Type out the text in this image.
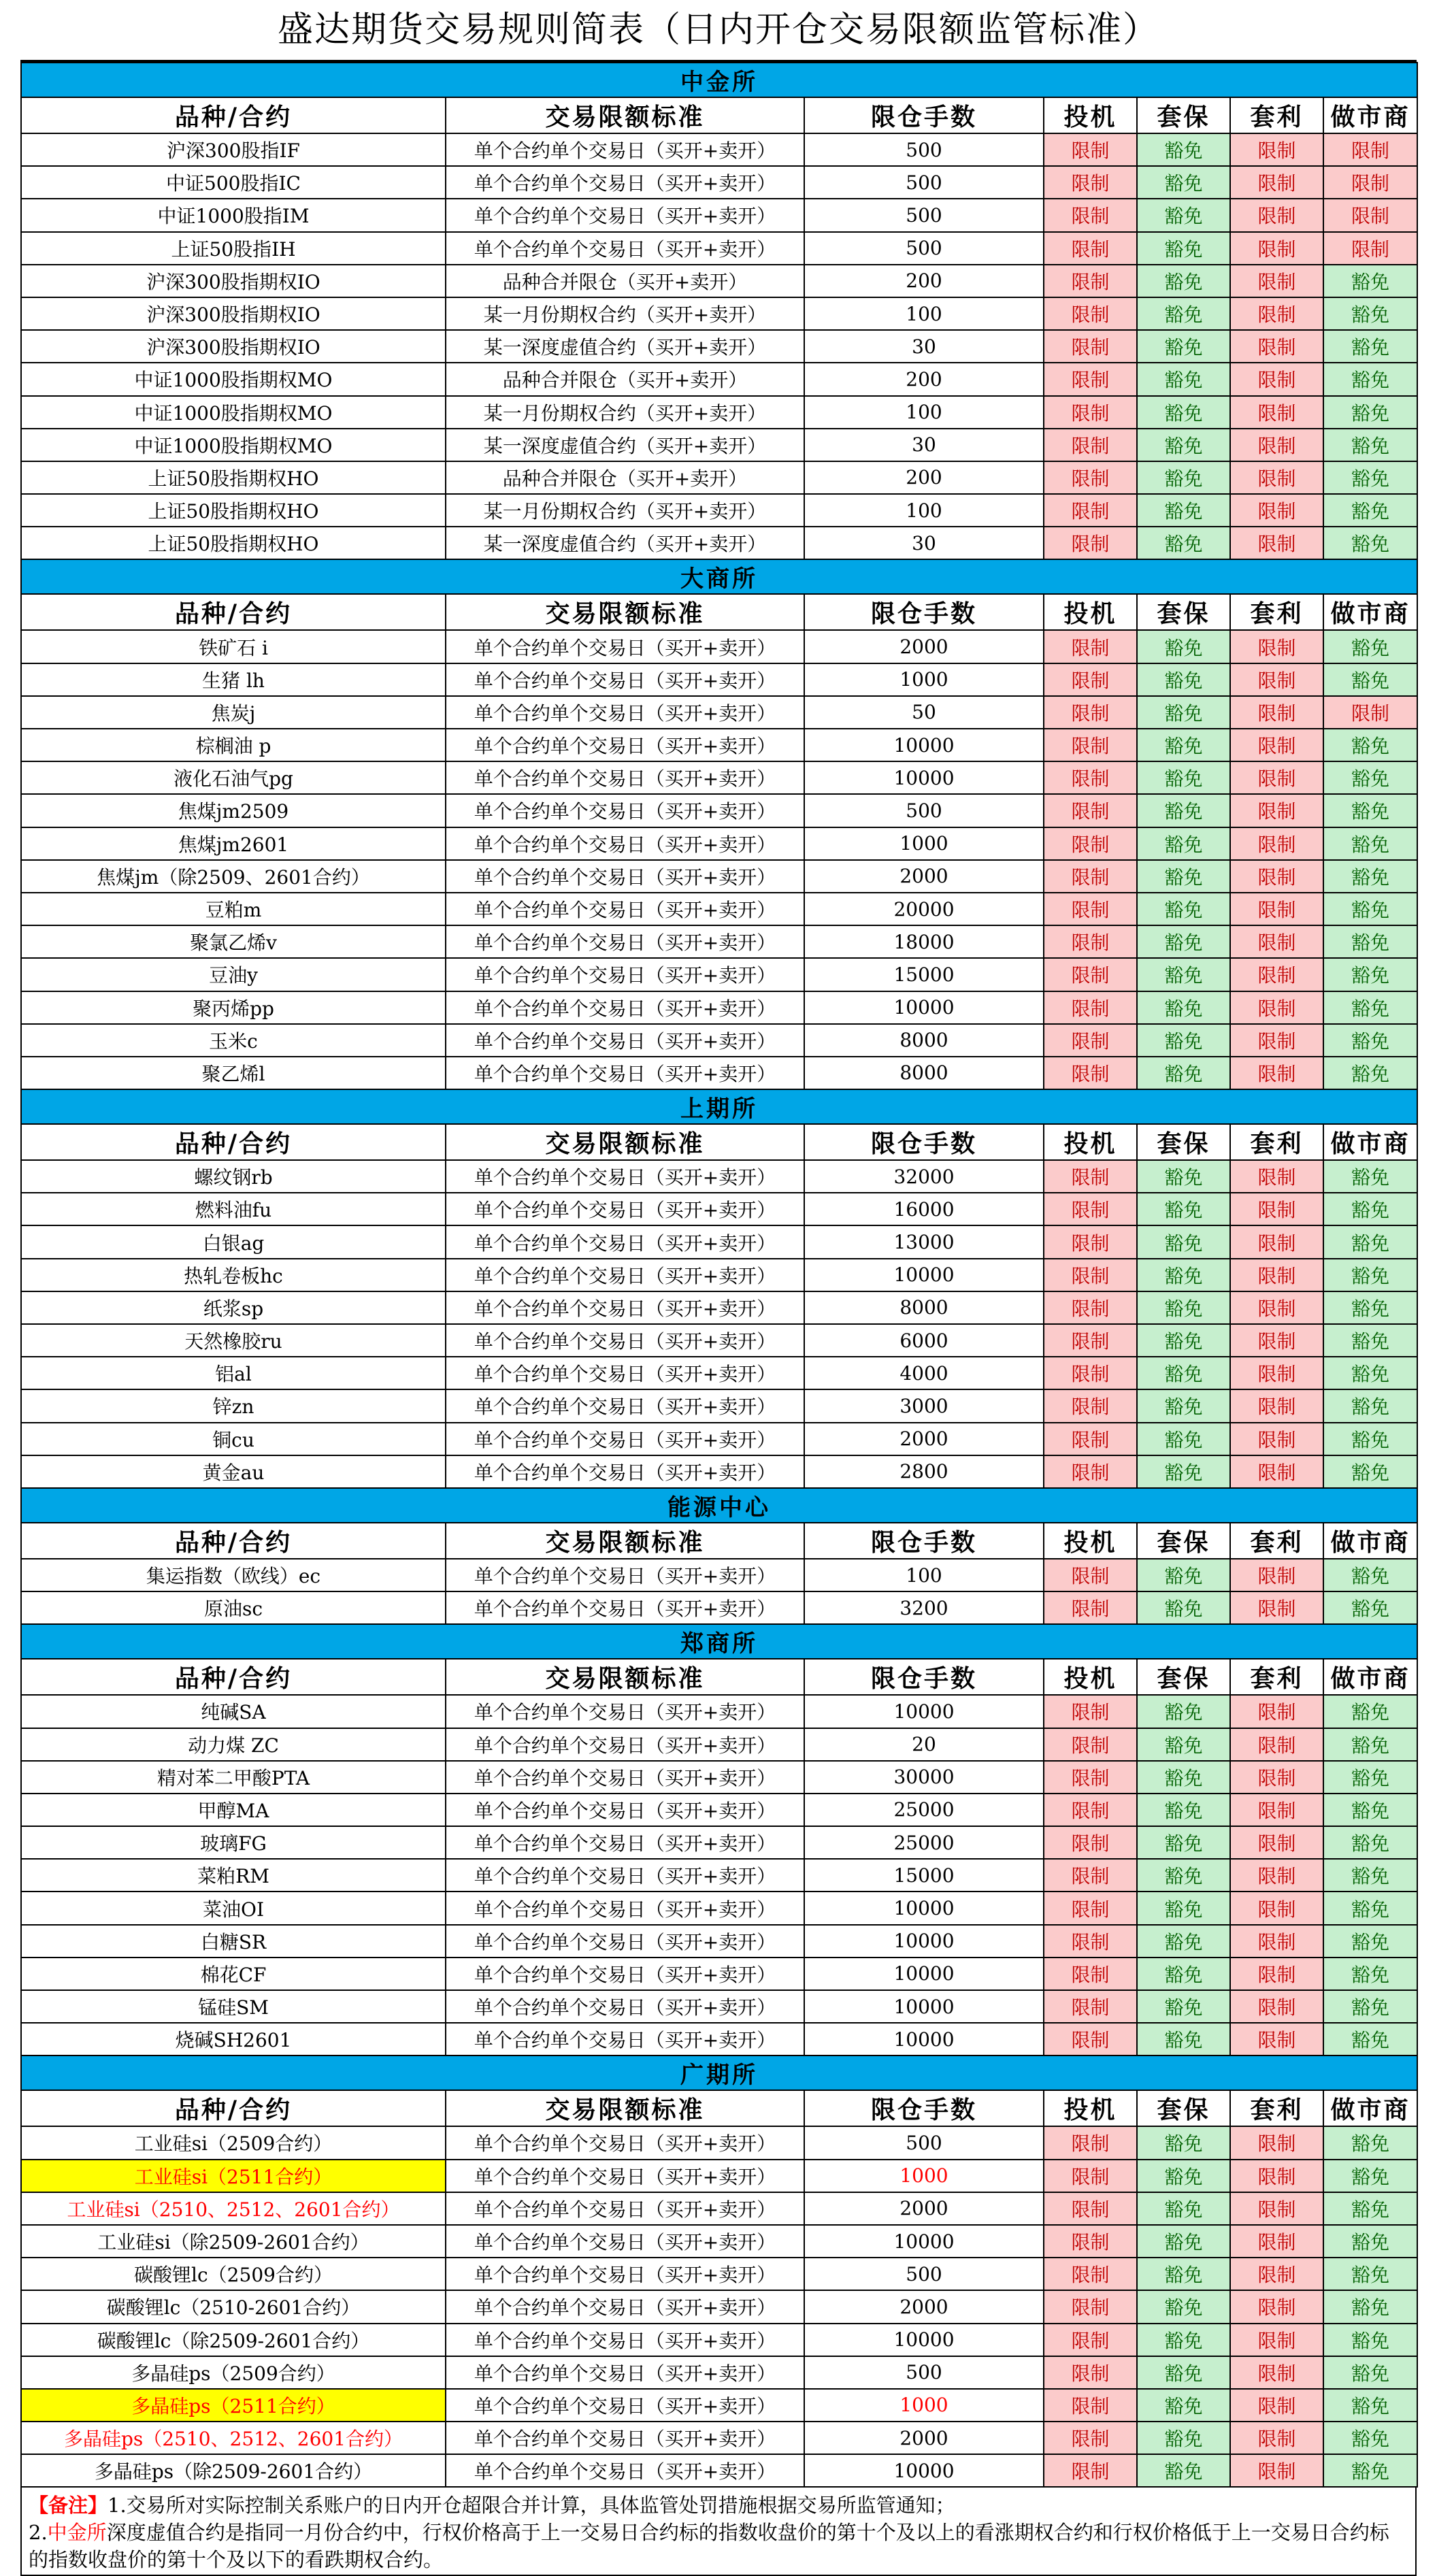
盛达期货交易规则简表（日内开仓交易限额监管标准）
中金所						
品种/合约	交易限额标准	限仓手数	投机	套保	套利	做市商
沪深300股指IF	单个合约单个交易日（买开+卖开）	500	限制	豁免	限制	限制
中证500股指IC	单个合约单个交易日（买开+卖开）	500	限制	豁免	限制	限制
中证1000股指IM	单个合约单个交易日（买开+卖开）	500	限制	豁免	限制	限制
上证50股指IH	单个合约单个交易日（买开+卖开）	500	限制	豁免	限制	限制
沪深300股指期权IO	品种合并限仓（买开+卖开）	200	限制	豁免	限制	豁免
沪深300股指期权IO	某一月份期权合约（买开+卖开）	100	限制	豁免	限制	豁免
沪深300股指期权IO	某一深度虚值合约（买开+卖开）	30	限制	豁免	限制	豁免
中证1000股指期权MO	品种合并限仓（买开+卖开）	200	限制	豁免	限制	豁免
中证1000股指期权MO	某一月份期权合约（买开+卖开）	100	限制	豁免	限制	豁免
中证1000股指期权MO	某一深度虚值合约（买开+卖开）	30	限制	豁免	限制	豁免
上证50股指期权HO	品种合并限仓（买开+卖开）	200	限制	豁免	限制	豁免
上证50股指期权HO	某一月份期权合约（买开+卖开）	100	限制	豁免	限制	豁免
上证50股指期权HO	某一深度虚值合约（买开+卖开）	30	限制	豁免	限制	豁免
大商所						
品种/合约	交易限额标准	限仓手数	投机	套保	套利	做市商
铁矿石 i	单个合约单个交易日（买开+卖开）	2000	限制	豁免	限制	豁免
生猪 lh	单个合约单个交易日（买开+卖开）	1000	限制	豁免	限制	豁免
焦炭j	单个合约单个交易日（买开+卖开）	50	限制	豁免	限制	限制
棕榈油 p	单个合约单个交易日（买开+卖开）	10000	限制	豁免	限制	豁免
液化石油气pg	单个合约单个交易日（买开+卖开）	10000	限制	豁免	限制	豁免
焦煤jm2509	单个合约单个交易日（买开+卖开）	500	限制	豁免	限制	豁免
焦煤jm2601	单个合约单个交易日（买开+卖开）	1000	限制	豁免	限制	豁免
焦煤jm（除2509、2601合约）	单个合约单个交易日（买开+卖开）	2000	限制	豁免	限制	豁免
豆粕m	单个合约单个交易日（买开+卖开）	20000	限制	豁免	限制	豁免
聚氯乙烯v	单个合约单个交易日（买开+卖开）	18000	限制	豁免	限制	豁免
豆油y	单个合约单个交易日（买开+卖开）	15000	限制	豁免	限制	豁免
聚丙烯pp	单个合约单个交易日（买开+卖开）	10000	限制	豁免	限制	豁免
玉米c	单个合约单个交易日（买开+卖开）	8000	限制	豁免	限制	豁免
聚乙烯l	单个合约单个交易日（买开+卖开）	8000	限制	豁免	限制	豁免
上期所						
品种/合约	交易限额标准	限仓手数	投机	套保	套利	做市商
螺纹钢rb	单个合约单个交易日（买开+卖开）	32000	限制	豁免	限制	豁免
燃料油fu	单个合约单个交易日（买开+卖开）	16000	限制	豁免	限制	豁免
白银ag	单个合约单个交易日（买开+卖开）	13000	限制	豁免	限制	豁免
热轧卷板hc	单个合约单个交易日（买开+卖开）	10000	限制	豁免	限制	豁免
纸浆sp	单个合约单个交易日（买开+卖开）	8000	限制	豁免	限制	豁免
天然橡胶ru	单个合约单个交易日（买开+卖开）	6000	限制	豁免	限制	豁免
铝al	单个合约单个交易日（买开+卖开）	4000	限制	豁免	限制	豁免
锌zn	单个合约单个交易日（买开+卖开）	3000	限制	豁免	限制	豁免
铜cu	单个合约单个交易日（买开+卖开）	2000	限制	豁免	限制	豁免
黄金au	单个合约单个交易日（买开+卖开）	2800	限制	豁免	限制	豁免
能源中心						
品种/合约	交易限额标准	限仓手数	投机	套保	套利	做市商
集运指数（欧线）ec	单个合约单个交易日（买开+卖开）	100	限制	豁免	限制	豁免
原油sc	单个合约单个交易日（买开+卖开）	3200	限制	豁免	限制	豁免
郑商所						
品种/合约	交易限额标准	限仓手数	投机	套保	套利	做市商
纯碱SA	单个合约单个交易日（买开+卖开）	10000	限制	豁免	限制	豁免
动力煤 ZC	单个合约单个交易日（买开+卖开）	20	限制	豁免	限制	豁免
精对苯二甲酸PTA	单个合约单个交易日（买开+卖开）	30000	限制	豁免	限制	豁免
甲醇MA	单个合约单个交易日（买开+卖开）	25000	限制	豁免	限制	豁免
玻璃FG	单个合约单个交易日（买开+卖开）	25000	限制	豁免	限制	豁免
菜粕RM	单个合约单个交易日（买开+卖开）	15000	限制	豁免	限制	豁免
菜油OI	单个合约单个交易日（买开+卖开）	10000	限制	豁免	限制	豁免
白糖SR	单个合约单个交易日（买开+卖开）	10000	限制	豁免	限制	豁免
棉花CF	单个合约单个交易日（买开+卖开）	10000	限制	豁免	限制	豁免
锰硅SM	单个合约单个交易日（买开+卖开）	10000	限制	豁免	限制	豁免
烧碱SH2601	单个合约单个交易日（买开+卖开）	10000	限制	豁免	限制	豁免
广期所						
品种/合约	交易限额标准	限仓手数	投机	套保	套利	做市商
工业硅si（2509合约）	单个合约单个交易日（买开+卖开）	500	限制	豁免	限制	豁免
工业硅si（2511合约）	单个合约单个交易日（买开+卖开）	1000	限制	豁免	限制	豁免
工业硅si（2510、2512、2601合约）	单个合约单个交易日（买开+卖开）	2000	限制	豁免	限制	豁免
工业硅si（除2509-2601合约）	单个合约单个交易日（买开+卖开）	10000	限制	豁免	限制	豁免
碳酸锂lc（2509合约）	单个合约单个交易日（买开+卖开）	500	限制	豁免	限制	豁免
碳酸锂lc（2510-2601合约）	单个合约单个交易日（买开+卖开）	2000	限制	豁免	限制	豁免
碳酸锂lc（除2509-2601合约）	单个合约单个交易日（买开+卖开）	10000	限制	豁免	限制	豁免
多晶硅ps（2509合约）	单个合约单个交易日（买开+卖开）	500	限制	豁免	限制	豁免
多晶硅ps（2511合约）	单个合约单个交易日（买开+卖开）	1000	限制	豁免	限制	豁免
多晶硅ps（2510、2512、2601合约）	单个合约单个交易日（买开+卖开）	2000	限制	豁免	限制	豁免
多晶硅ps（除2509-2601合约）	单个合约单个交易日（买开+卖开）	10000	限制	豁免	限制	豁免
【备注】1.交易所对实际控制关系账户的日内开仓超限合并计算，具体监管处罚措施根据交易所监管通知；
2.中金所深度虚值合约是指同一月份合约中，行权价格高于上一交易日合约标的指数收盘价的第十个及以上的看涨期权合约和行权价格低于上一交易日合约标的指数收盘价的第十个及以下的看跌期权合约。
